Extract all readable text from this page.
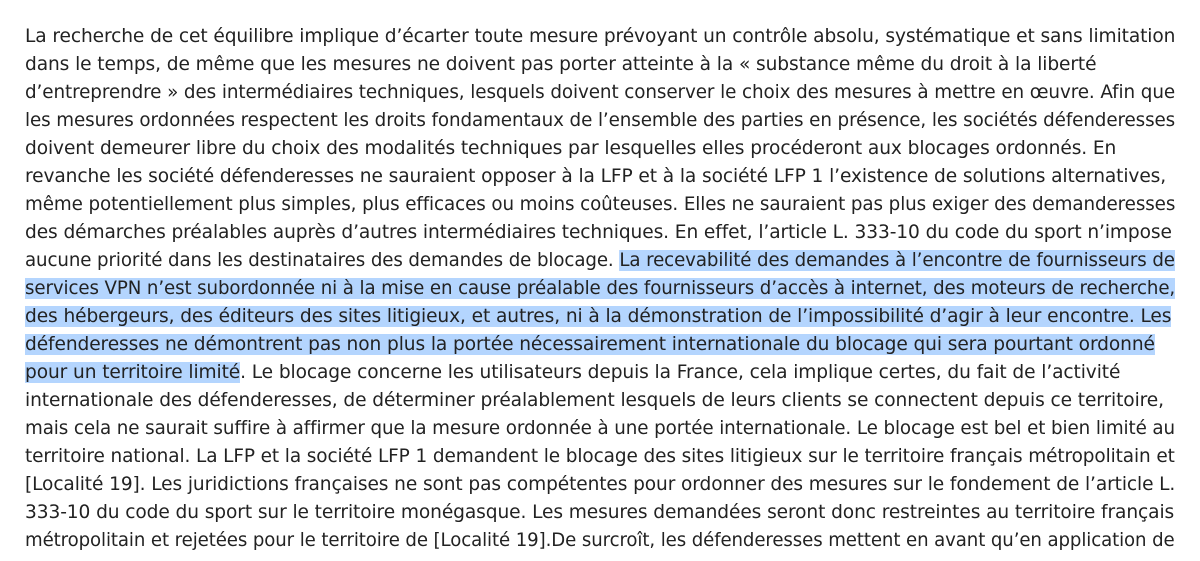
La recherche de cet équilibre implique d’écarter toute mesure prévoyant un contrôle absolu, systématique et sans limitation
dans le temps, de même que les mesures ne doivent pas porter atteinte à la « substance même du droit à la liberté
d’entreprendre » des intermédiaires techniques, lesquels doivent conserver le choix des mesures à mettre en œuvre. Afin que
les mesures ordonnées respectent les droits fondamentaux de l’ensemble des parties en présence, les sociétés défenderesses
doivent demeurer libre du choix des modalités techniques par lesquelles elles procéderont aux blocages ordonnés. En
revanche les société défenderesses ne sauraient opposer à la LFP et à la société LFP 1 l’existence de solutions alternatives,
même potentiellement plus simples, plus efficaces ou moins coûteuses. Elles ne sauraient pas plus exiger des demanderesses
des démarches préalables auprès d’autres intermédiaires techniques. En effet, l’article L. 333-10 du code du sport n’impose
aucune priorité dans les destinataires des demandes de blocage. La recevabilité des demandes à l’encontre de fournisseurs de
services VPN n’est subordonnée ni à la mise en cause préalable des fournisseurs d’accès à internet, des moteurs de recherche,
des hébergeurs, des éditeurs des sites litigieux, et autres, ni à la démonstration de l’impossibilité d’agir à leur encontre. Les
défenderesses ne démontrent pas non plus la portée nécessairement internationale du blocage qui sera pourtant ordonné
pour un territoire limité. Le blocage concerne les utilisateurs depuis la France, cela implique certes, du fait de l’activité
internationale des défenderesses, de déterminer préalablement lesquels de leurs clients se connectent depuis ce territoire,
mais cela ne saurait suffire à affirmer que la mesure ordonnée à une portée internationale. Le blocage est bel et bien limité au
territoire national. La LFP et la société LFP 1 demandent le blocage des sites litigieux sur le territoire français métropolitain et
[Localité 19]. Les juridictions françaises ne sont pas compétentes pour ordonner des mesures sur le fondement de l’article L.
333-10 du code du sport sur le territoire monégasque. Les mesures demandées seront donc restreintes au territoire français
métropolitain et rejetées pour le territoire de [Localité 19].De surcroît, les défenderesses mettent en avant qu’en application de
